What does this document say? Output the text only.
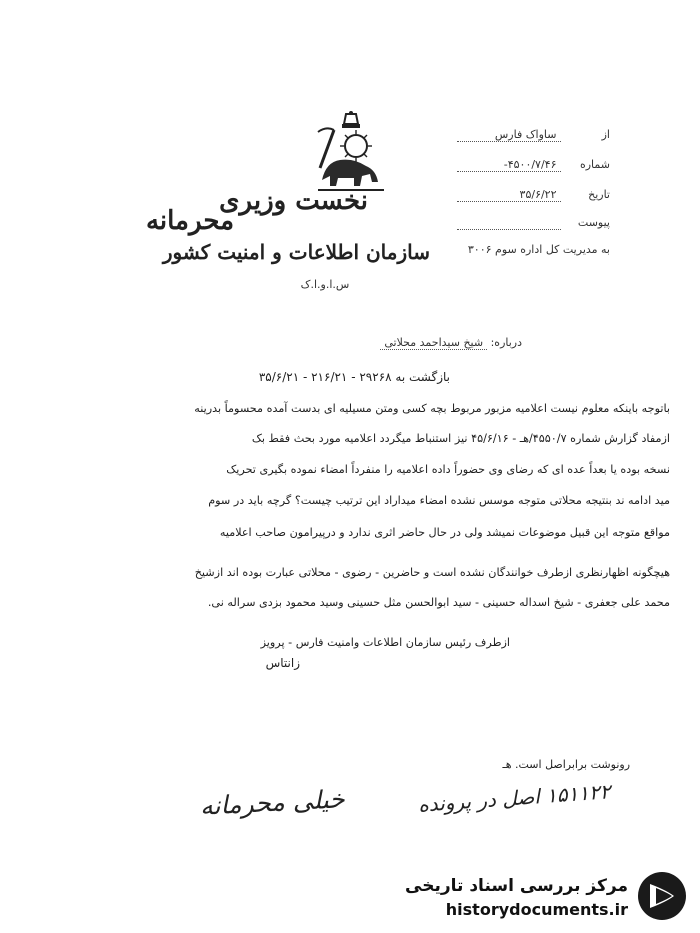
نخست وزیری
محرمانه
سازمان اطلاعات و امنیت کشور
س.ا.و.ا.ک
از ساواک فارس
شماره ۴۵۰۰/۷/۴۶-
تاریخ ۳۵/۶/۲۲
پیوست
به مدیریت کل اداره سوم ۳۰۰۶
درباره: شیخ سیداحمد محلاتی
بازگشت به ۲۹۲۶۸ - ۲۱۶/۲۱ - ۳۵/۶/۲۱
باتوجه باینکه معلوم نیست اعلامیه مزبور مربوط بچه کسی ومتن مسیلیه ای بدست آمده محسوماً بدرینه
ازمفاد گزارش شماره ۴۵۵۰/۷/هـ - ۴۵/۶/۱۶ نیز استنباط میگردد اعلامیه مورد بحث فقط بک
نسخه بوده یا بعداً عده ای که رضای وی حضوراً داده اعلامیه را منفرداً امضاء نموده بگیری تحریک
مید ادامه ند بنتیجه محلاتی متوجه موسس نشده امضاء میداراد این ترتیب چیست؟ گرچه باید در سوم
مواقع متوجه این قبیل موضوعات نمیشد ولی در حال حاضر اثری ندارد و درپیرامون صاحب اعلامیه
هیچگونه اظهارنظری ازطرف خوانندگان نشده است و حاضرین - رضوی - محلاتی عبارت بوده اند ازشیخ
محمد علی جعفری - شیخ اسداله حسینی - سید ابوالحسن مثل حسینی وسید محمود بزدی سراله نی.
ازطرف رئیس سازمان اطلاعات وامنیت فارس - پرویز
زانتاس
رونوشت برابراصل است. هـ
خیلی محرمانه	۱۵۱۱۲۲ اصل در پرونده
مرکز بررسی اسناد تاریخی
historydocuments.ir
